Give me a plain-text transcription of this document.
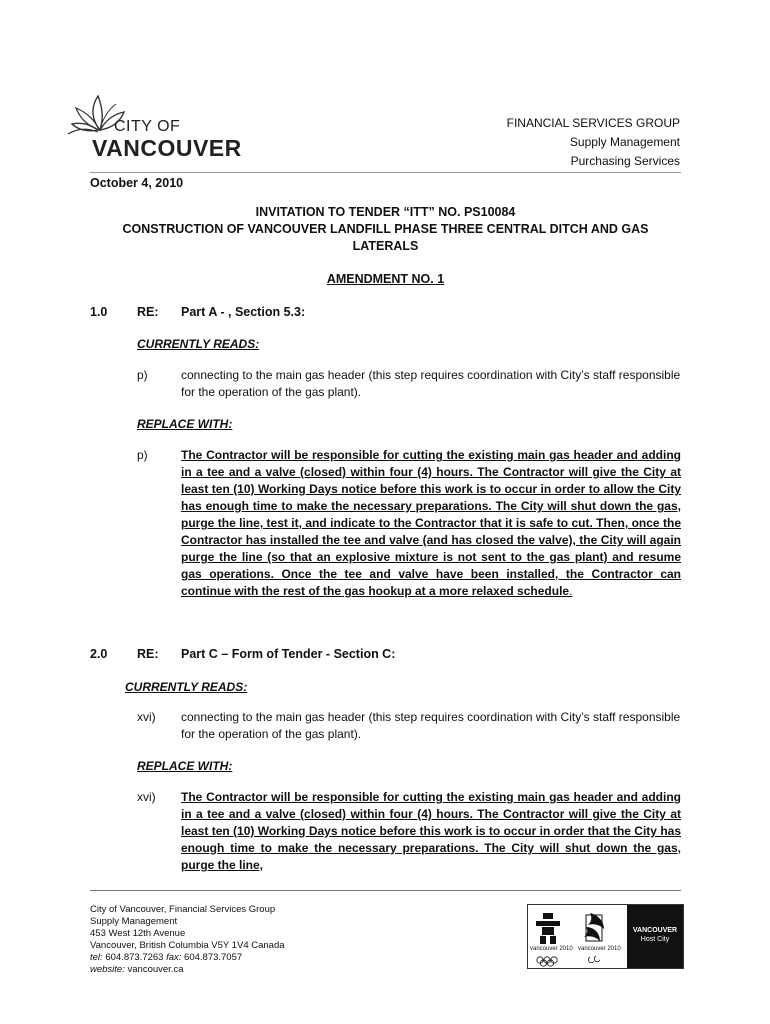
CITY OF
VANCOUVER
FINANCIAL SERVICES GROUP
Supply Management
Purchasing Services
October 4, 2010
INVITATION TO TENDER “ITT” NO. PS10084
CONSTRUCTION OF VANCOUVER LANDFILL PHASE THREE CENTRAL DITCH AND GAS
LATERALS
AMENDMENT NO. 1
1.0 RE: Part A - , Section 5.3:
CURRENTLY READS:
p)	connecting to the main gas header (this step requires coordination with City’s staff responsible for the operation of the gas plant).
REPLACE WITH:
p)	The Contractor will be responsible for cutting the existing main gas header and adding in a tee and a valve (closed) within four (4) hours. The Contractor will give the City at least ten (10) Working Days notice before this work is to occur in order to allow the City has enough time to make the necessary preparations. The City will shut down the gas, purge the line, test it, and indicate to the Contractor that it is safe to cut. Then, once the Contractor has installed the tee and valve (and has closed the valve), the City will again purge the line (so that an explosive mixture is not sent to the gas plant) and resume gas operations. Once the tee and valve have been installed, the Contractor can continue with the rest of the gas hookup at a more relaxed schedule.
2.0 RE: Part C – Form of Tender - Section C:
CURRENTLY READS:
xvi) connecting to the main gas header (this step requires coordination with City’s staff responsible for the operation of the gas plant).
REPLACE WITH:
xvi) The Contractor will be responsible for cutting the existing main gas header and adding in a tee and a valve (closed) within four (4) hours. The Contractor will give the City at least ten (10) Working Days notice before this work is to occur in order that the City has enough time to make the necessary preparations. The City will shut down the gas, purge the line,
City of Vancouver, Financial Services Group
Supply Management
453 West 12th Avenue
Vancouver, British Columbia V5Y 1V4 Canada
tel: 604.873.7263 fax: 604.873.7057
website: vancouver.ca
vancouver 2010 vancouver 2010
VANCOUVER
Host City
